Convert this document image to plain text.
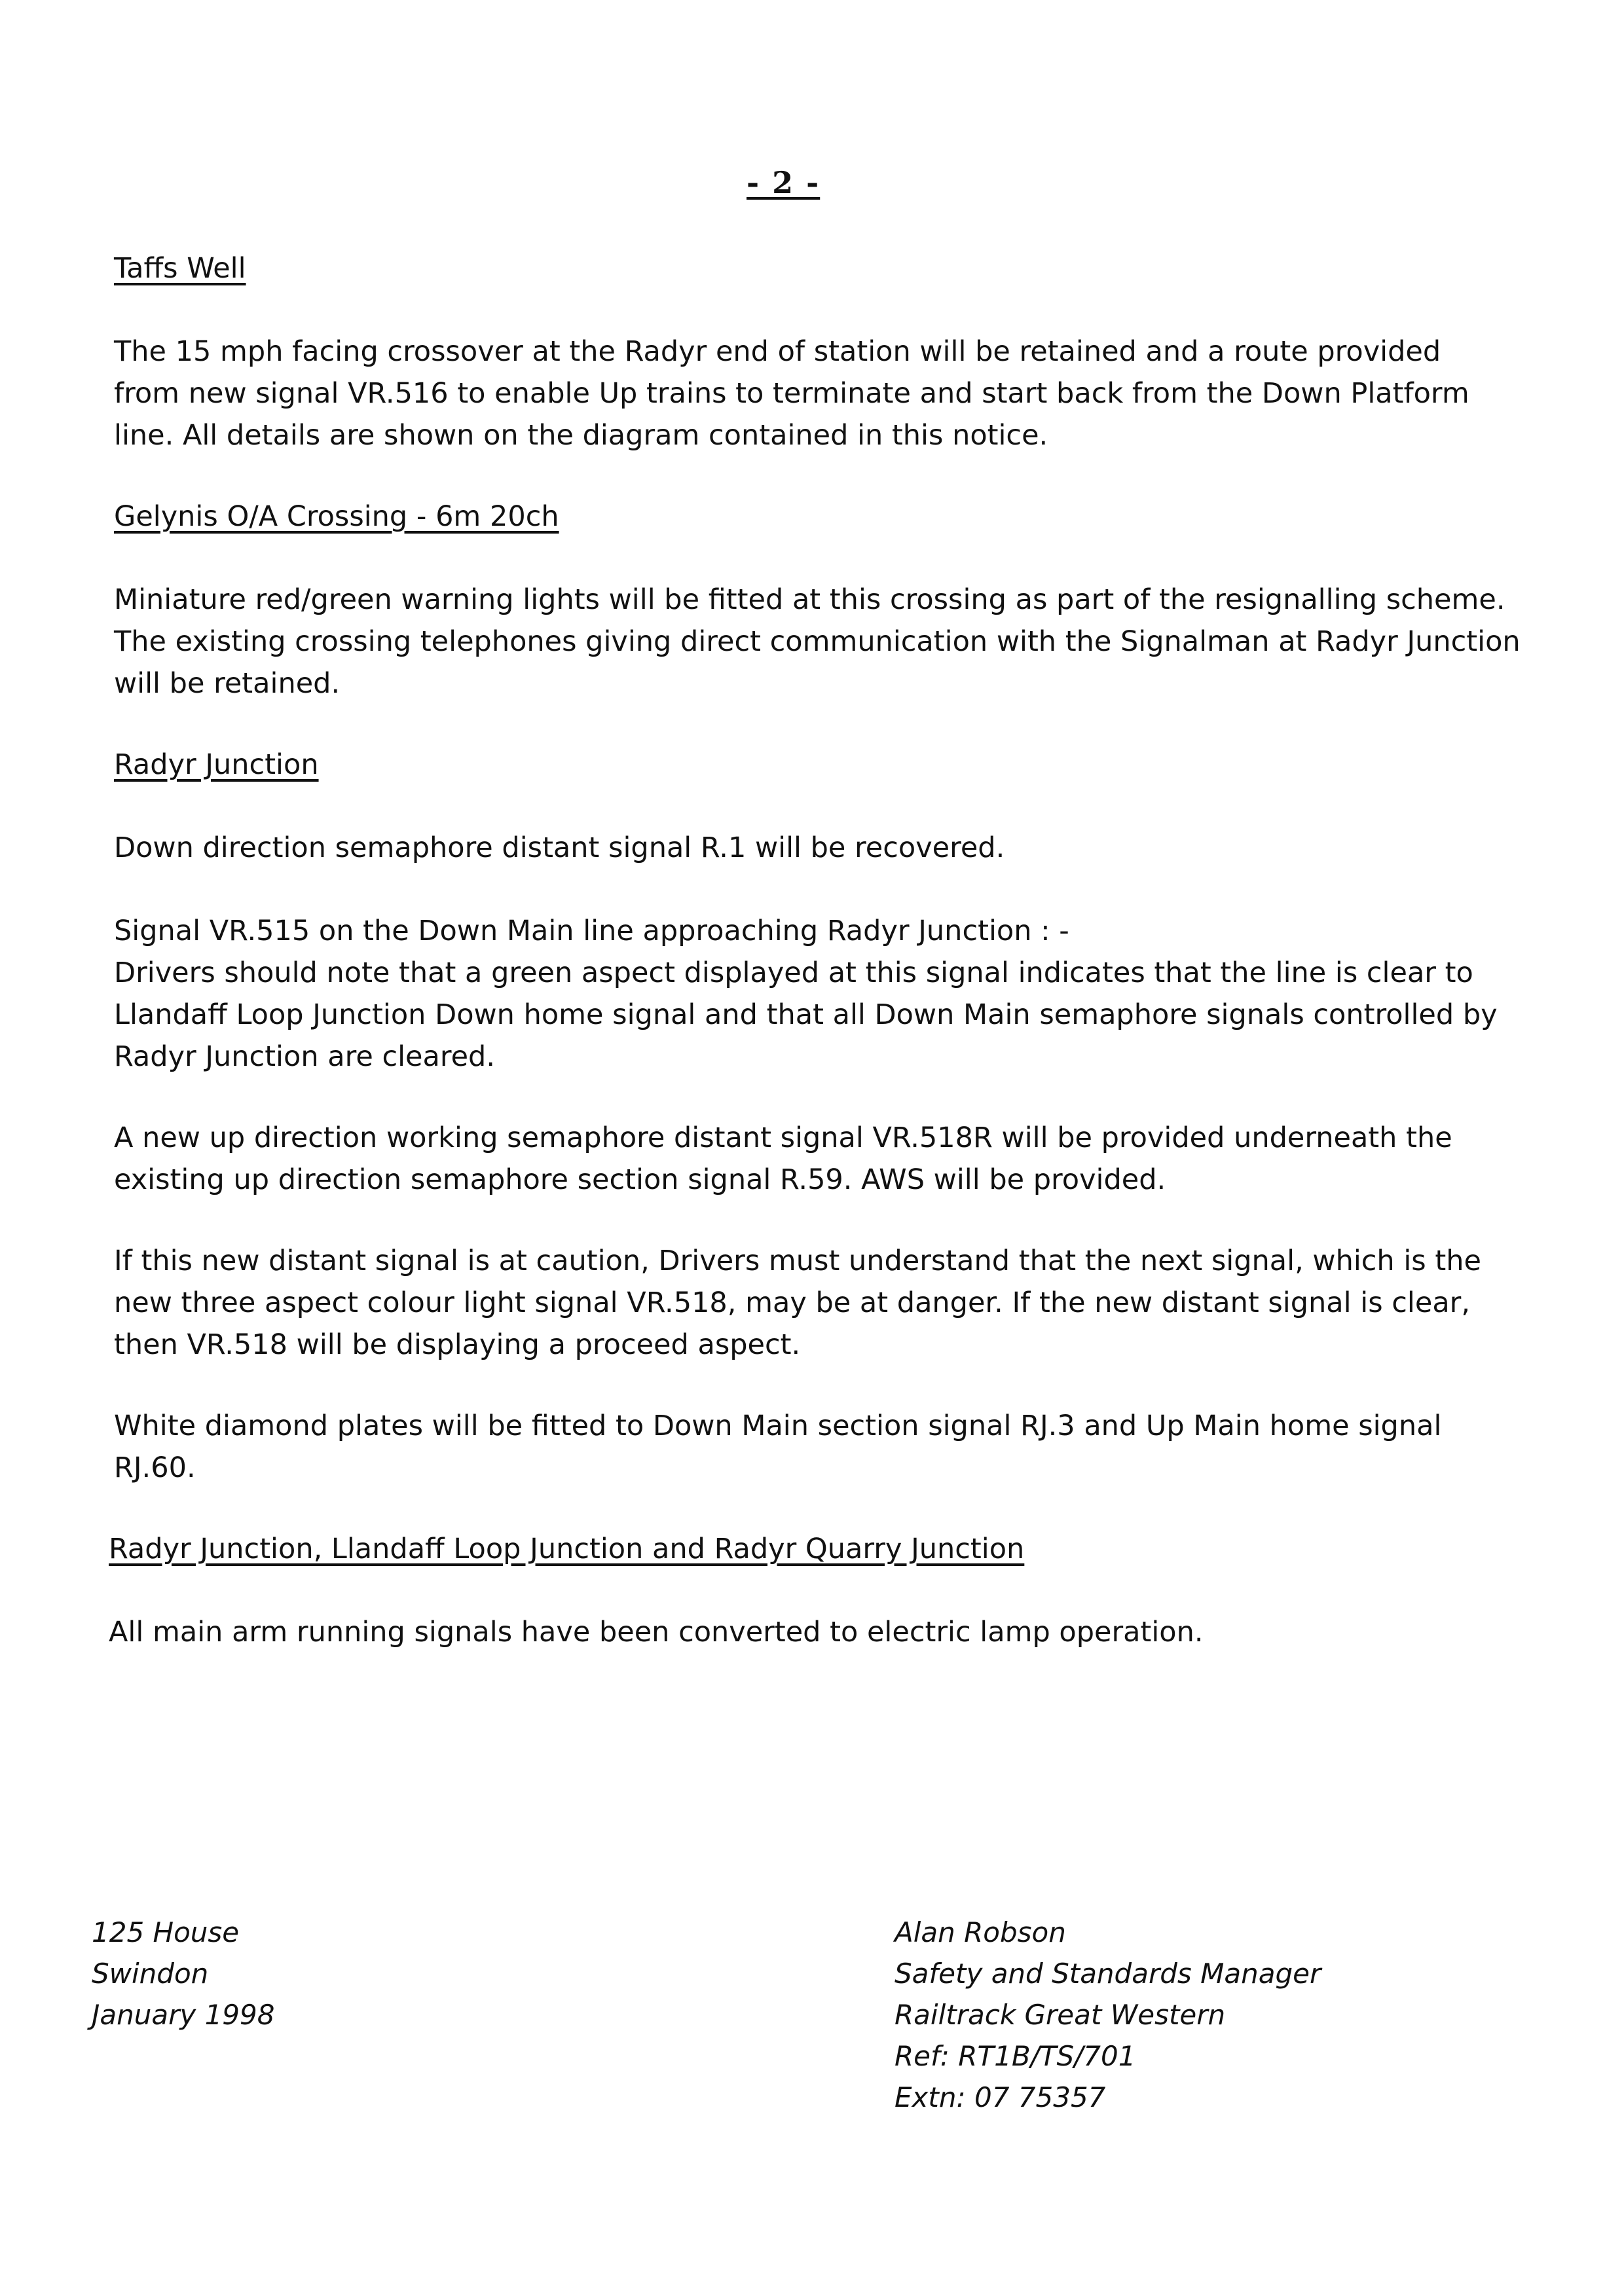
- 2 -
Taffs Well
The 15 mph facing crossover at the Radyr end of station will be retained and a route provided
from new signal VR.516 to enable Up trains to terminate and start back from the Down Platform
line. All details are shown on the diagram contained in this notice.
Gelynis O/A Crossing - 6m 20ch
Miniature red/green warning lights will be fitted at this crossing as part of the resignalling scheme.
The existing crossing telephones giving direct communication with the Signalman at Radyr Junction
will be retained.
Radyr Junction
Down direction semaphore distant signal R.1 will be recovered.
Signal VR.515 on the Down Main line approaching Radyr Junction : -
Drivers should note that a green aspect displayed at this signal indicates that the line is clear to
Llandaff Loop Junction Down home signal and that all Down Main semaphore signals controlled by
Radyr Junction are cleared.
A new up direction working semaphore distant signal VR.518R will be provided underneath the
existing up direction semaphore section signal R.59. AWS will be provided.
If this new distant signal is at caution, Drivers must understand that the next signal, which is the
new three aspect colour light signal VR.518, may be at danger. If the new distant signal is clear,
then VR.518 will be displaying a proceed aspect.
White diamond plates will be fitted to Down Main section signal RJ.3 and Up Main home signal
RJ.60.
Radyr Junction, Llandaff Loop Junction and Radyr Quarry Junction
All main arm running signals have been converted to electric lamp operation.
125 House
Swindon
January 1998
Alan Robson
Safety and Standards Manager
Railtrack Great Western
Ref: RT1B/TS/701
Extn: 07 75357
